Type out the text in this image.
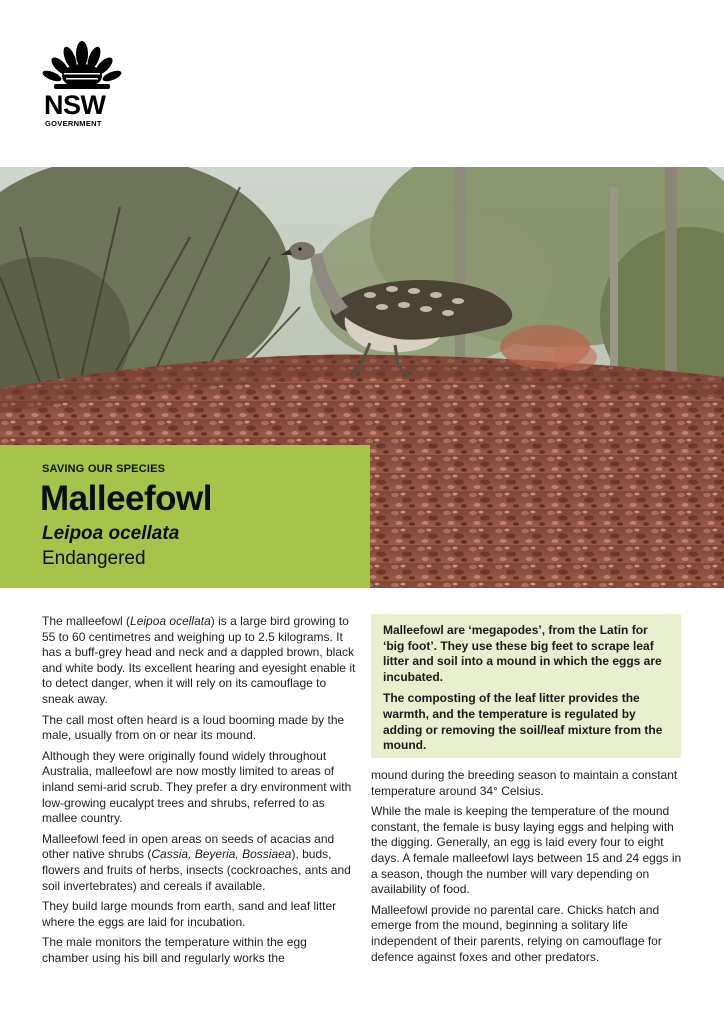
NSW
GOVERNMENT
SAVING OUR SPECIES
Malleefowl
Leipoa ocellata
Endangered

The malleefowl (Leipoa ocellata) is a large bird growing to 55 to 60 centimetres and weighing up to 2.5 kilograms. It has a buff-grey head and neck and a dappled brown, black and white body. Its excellent hearing and eyesight enable it to detect danger, when it will rely on its camouflage to sneak away.

The call most often heard is a loud booming made by the male, usually from on or near its mound.

Although they were originally found widely throughout Australia, malleefowl are now mostly limited to areas of inland semi-arid scrub. They prefer a dry environment with low-growing eucalypt trees and shrubs, referred to as mallee country.

Malleefowl feed in open areas on seeds of acacias and other native shrubs (Cassia, Beyeria, Bossiaea), buds, flowers and fruits of herbs, insects (cockroaches, ants and soil invertebrates) and cereals if available.

They build large mounds from earth, sand and leaf litter where the eggs are laid for incubation.

The male monitors the temperature within the egg chamber using his bill and regularly works the

Malleefowl are ‘megapodes’, from the Latin for ‘big foot’. They use these big feet to scrape leaf litter and soil into a mound in which the eggs are incubated.

The composting of the leaf litter provides the warmth, and the temperature is regulated by adding or removing the soil/leaf mixture from the mound.

mound during the breeding season to maintain a constant temperature around 34° Celsius.

While the male is keeping the temperature of the mound constant, the female is busy laying eggs and helping with the digging. Generally, an egg is laid every four to eight days. A female malleefowl lays between 15 and 24 eggs in a season, though the number will vary depending on availability of food.

Malleefowl provide no parental care. Chicks hatch and emerge from the mound, beginning a solitary life independent of their parents, relying on camouflage for defence against foxes and other predators.
